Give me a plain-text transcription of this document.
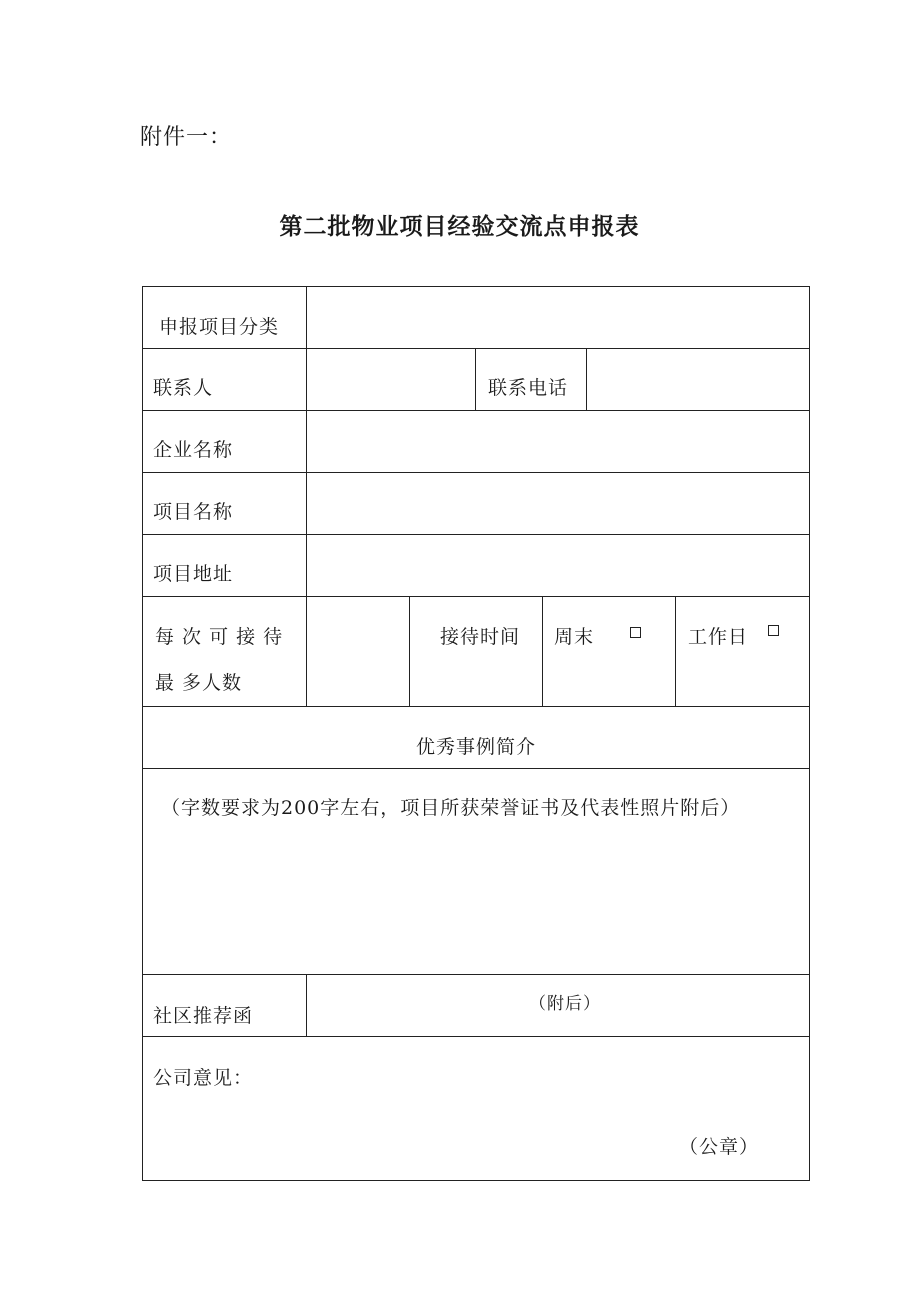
附件一：
第二批物业项目经验交流点申报表
申报项目分类
联系人	联系电话
企业名称
项目名称
项目地址
每 次 可 接 待
最 多人数
接待时间 周末	工作日
优秀事例简介
（字数要求为200字左右，项目所获荣誉证书及代表性照片附后）
社区推荐函
（附后）
公司意见：
（公章）
